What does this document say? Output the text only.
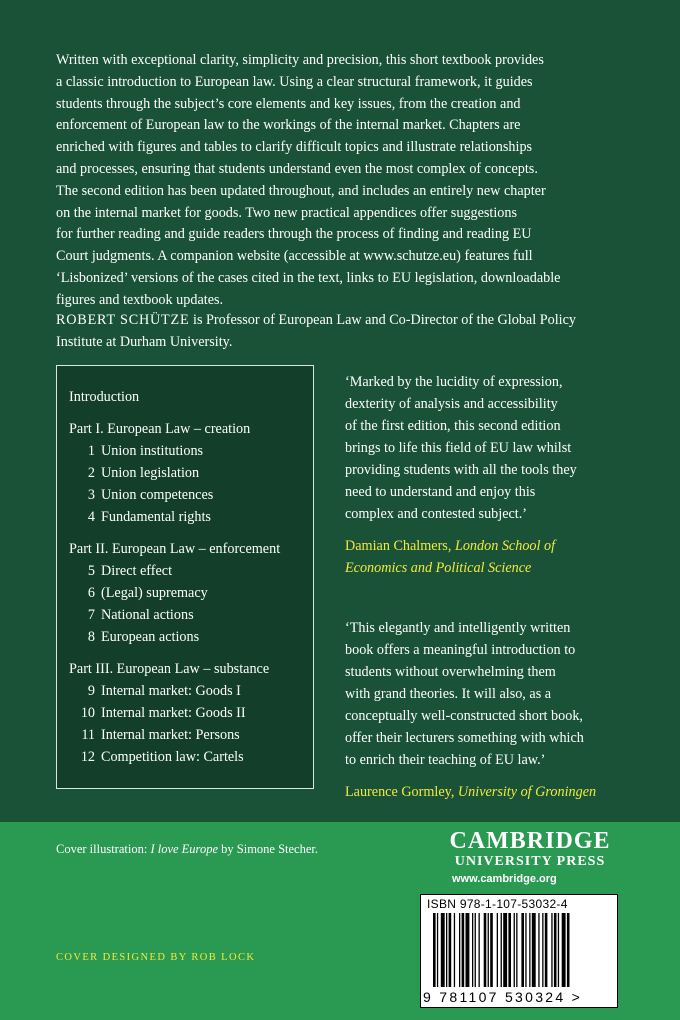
Written with exceptional clarity, simplicity and precision, this short textbook provides
a classic introduction to European law. Using a clear structural framework, it guides
students through the subject’s core elements and key issues, from the creation and
enforcement of European law to the workings of the internal market. Chapters are
enriched with figures and tables to clarify difficult topics and illustrate relationships
and processes, ensuring that students understand even the most complex of concepts.
The second edition has been updated throughout, and includes an entirely new chapter
on the internal market for goods. Two new practical appendices offer suggestions
for further reading and guide readers through the process of finding and reading EU
Court judgments. A companion website (accessible at www.schutze.eu) features full
‘Lisbonized’ versions of the cases cited in the text, links to EU legislation, downloadable
figures and textbook updates.
ROBERT SCHÜTZE is Professor of European Law and Co-Director of the Global Policy
Institute at Durham University.
Introduction
Part I. European Law – creation
1 Union institutions
2 Union legislation
3 Union competences
4 Fundamental rights
Part II. European Law – enforcement
5 Direct effect
6 (Legal) supremacy
7 National actions
8 European actions
Part III. European Law – substance
9 Internal market: Goods I
10 Internal market: Goods II
11 Internal market: Persons
12 Competition law: Cartels
‘Marked by the lucidity of expression,
dexterity of analysis and accessibility
of the first edition, this second edition
brings to life this field of EU law whilst
providing students with all the tools they
need to understand and enjoy this
complex and contested subject.’
Damian Chalmers, London School of
Economics and Political Science
‘This elegantly and intelligently written
book offers a meaningful introduction to
students without overwhelming them
with grand theories. It will also, as a
conceptually well-constructed short book,
offer their lecturers something with which
to enrich their teaching of EU law.’
Laurence Gormley, University of Groningen
Cover illustration: I love Europe by Simone Stecher.
COVER DESIGNED BY ROB LOCK
CAMBRIDGE
UNIVERSITY PRESS
www.cambridge.org
ISBN 978-1-107-53032-4
9 781107 530324 >
